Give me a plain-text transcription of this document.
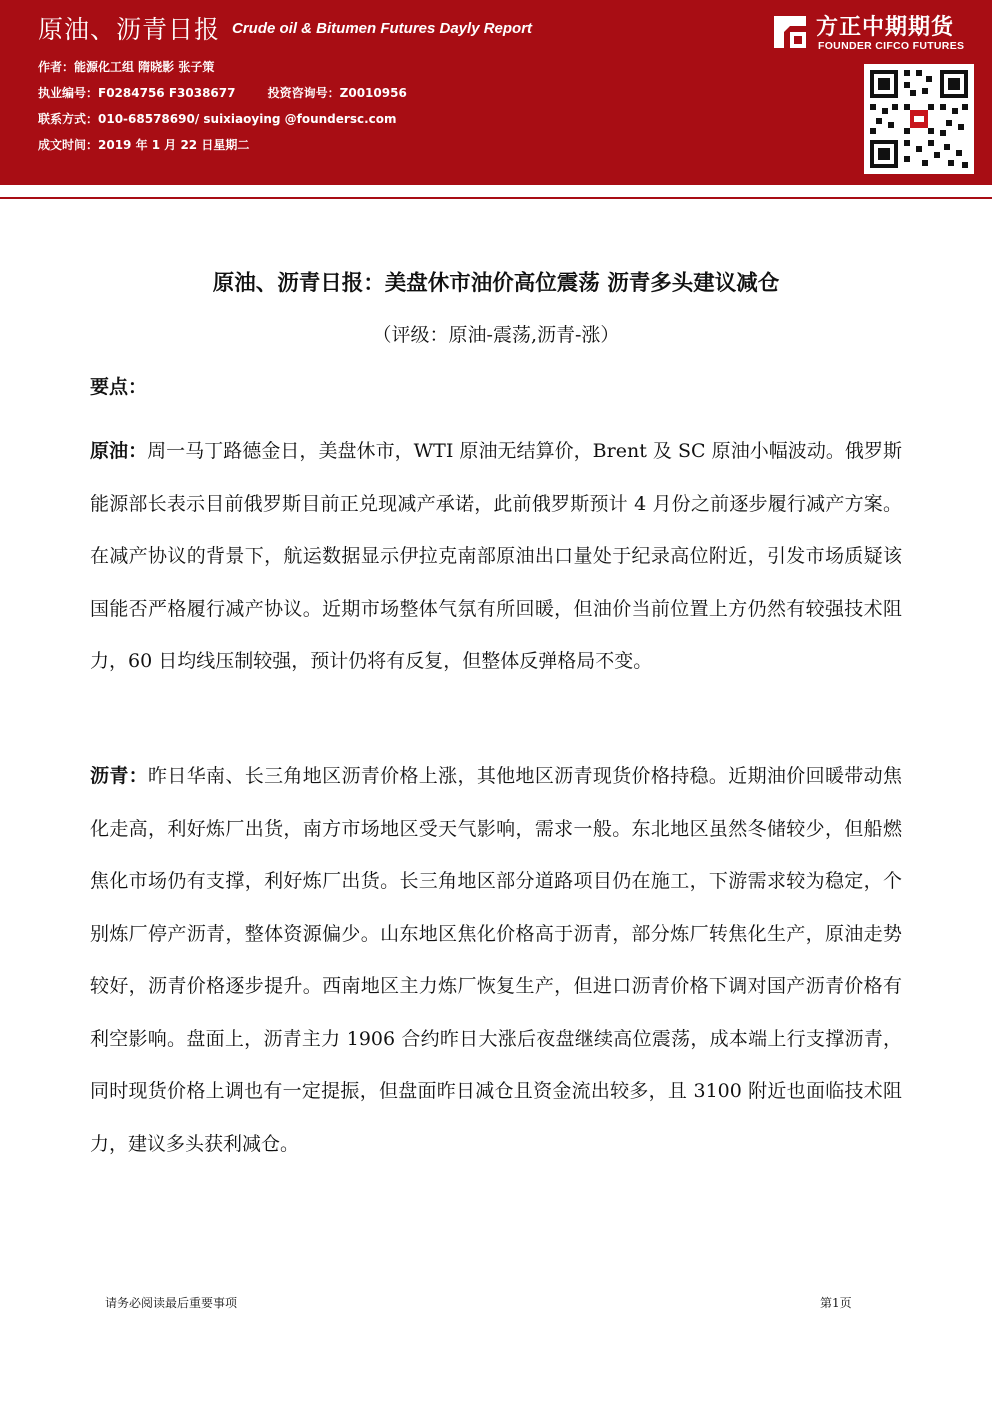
原油、沥青日报 Crude oil & Bitumen Futures Dayly Report
作者：能源化工组 隋晓影 张子策
执业编号：F0284756 F3038677	投资咨询号：Z0010956
联系方式：010-68578690/ suixiaoying @foundersc.com
成文时间：2019 年 1 月 22 日星期二
方正中期期货
FOUNDER CIFCO FUTURES
原油、沥青日报：美盘休市油价高位震荡 沥青多头建议减仓
（评级：原油-震荡,沥青-涨）
要点：
原油：周一马丁路德金日，美盘休市，WTI 原油无结算价，Brent 及 SC 原油小幅波动。俄罗斯能源部长表示目前俄罗斯目前正兑现减产承诺，此前俄罗斯预计 4 月份之前逐步履行减产方案。在减产协议的背景下，航运数据显示伊拉克南部原油出口量处于纪录高位附近，引发市场质疑该国能否严格履行减产协议。近期市场整体气氛有所回暖，但油价当前位置上方仍然有较强技术阻力，60 日均线压制较强，预计仍将有反复，但整体反弹格局不变。
沥青：昨日华南、长三角地区沥青价格上涨，其他地区沥青现货价格持稳。近期油价回暖带动焦化走高，利好炼厂出货，南方市场地区受天气影响，需求一般。东北地区虽然冬储较少，但船燃焦化市场仍有支撑，利好炼厂出货。长三角地区部分道路项目仍在施工，下游需求较为稳定，个别炼厂停产沥青，整体资源偏少。山东地区焦化价格高于沥青，部分炼厂转焦化生产，原油走势较好，沥青价格逐步提升。西南地区主力炼厂恢复生产，但进口沥青价格下调对国产沥青价格有利空影响。盘面上，沥青主力 1906 合约昨日大涨后夜盘继续高位震荡，成本端上行支撑沥青，同时现货价格上调也有一定提振，但盘面昨日减仓且资金流出较多，且 3100 附近也面临技术阻力，建议多头获利减仓。
请务必阅读最后重要事项	第1页
